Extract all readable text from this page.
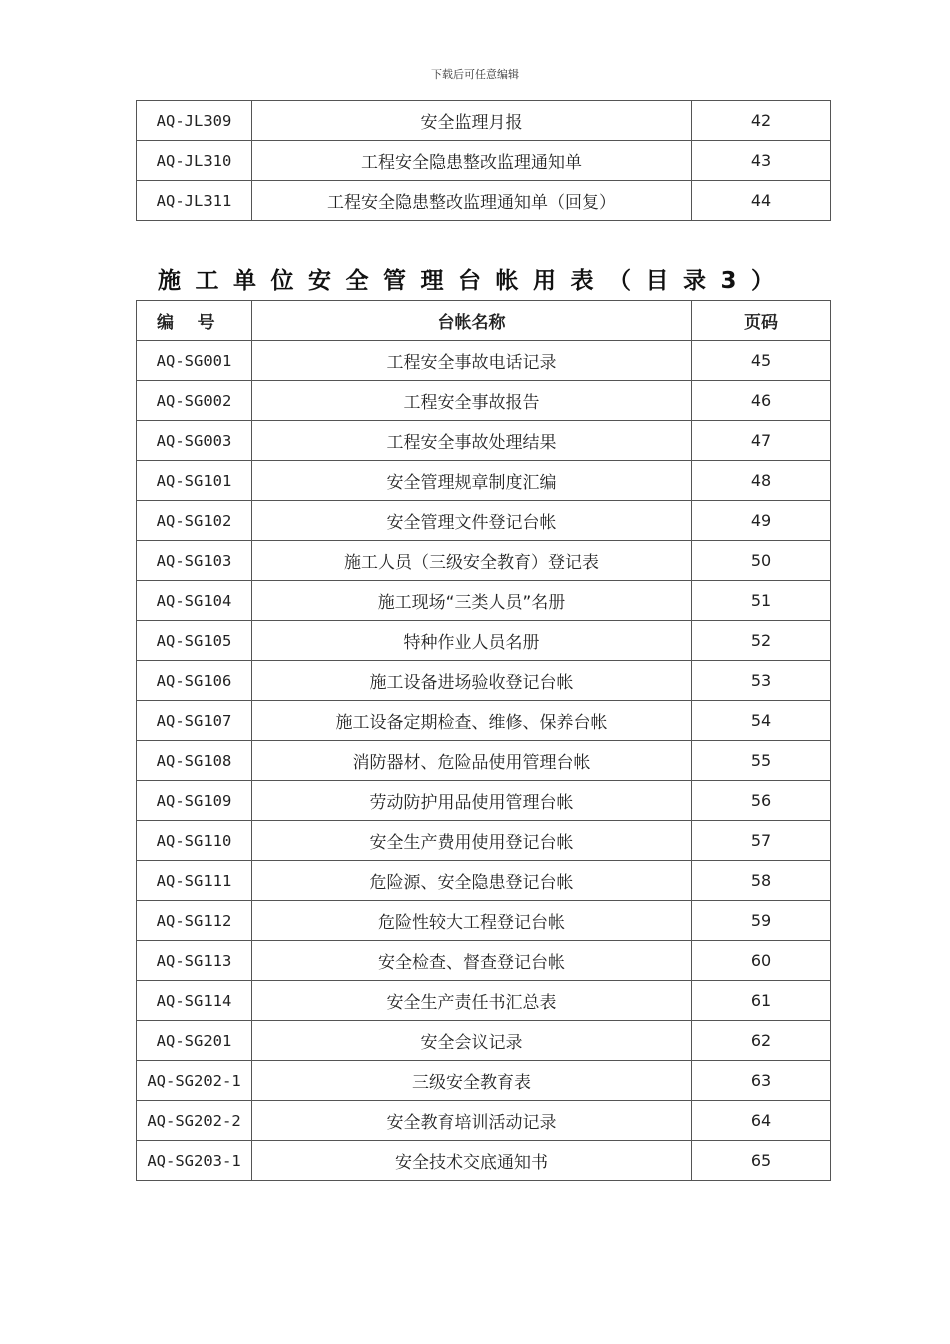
下载后可任意编辑
AQ-JL309	安全监理月报	42
AQ-JL310	工程安全隐患整改监理通知单	43
AQ-JL311	工程安全隐患整改监理通知单（回复）	44
施工单位安全管理台帐用表（目录3）
编    号	台帐名称	页码
AQ-SG001	工程安全事故电话记录	45
AQ-SG002	工程安全事故报告	46
AQ-SG003	工程安全事故处理结果	47
AQ-SG101	安全管理规章制度汇编	48
AQ-SG102	安全管理文件登记台帐	49
AQ-SG103	施工人员（三级安全教育）登记表	50
AQ-SG104	施工现场“三类人员”名册	51
AQ-SG105	特种作业人员名册	52
AQ-SG106	施工设备进场验收登记台帐	53
AQ-SG107	施工设备定期检查、维修、保养台帐	54
AQ-SG108	消防器材、危险品使用管理台帐	55
AQ-SG109	劳动防护用品使用管理台帐	56
AQ-SG110	安全生产费用使用登记台帐	57
AQ-SG111	危险源、安全隐患登记台帐	58
AQ-SG112	危险性较大工程登记台帐	59
AQ-SG113	安全检查、督查登记台帐	60
AQ-SG114	安全生产责任书汇总表	61
AQ-SG201	安全会议记录	62
AQ-SG202-1	三级安全教育表	63
AQ-SG202-2	安全教育培训活动记录	64
AQ-SG203-1	安全技术交底通知书	65
